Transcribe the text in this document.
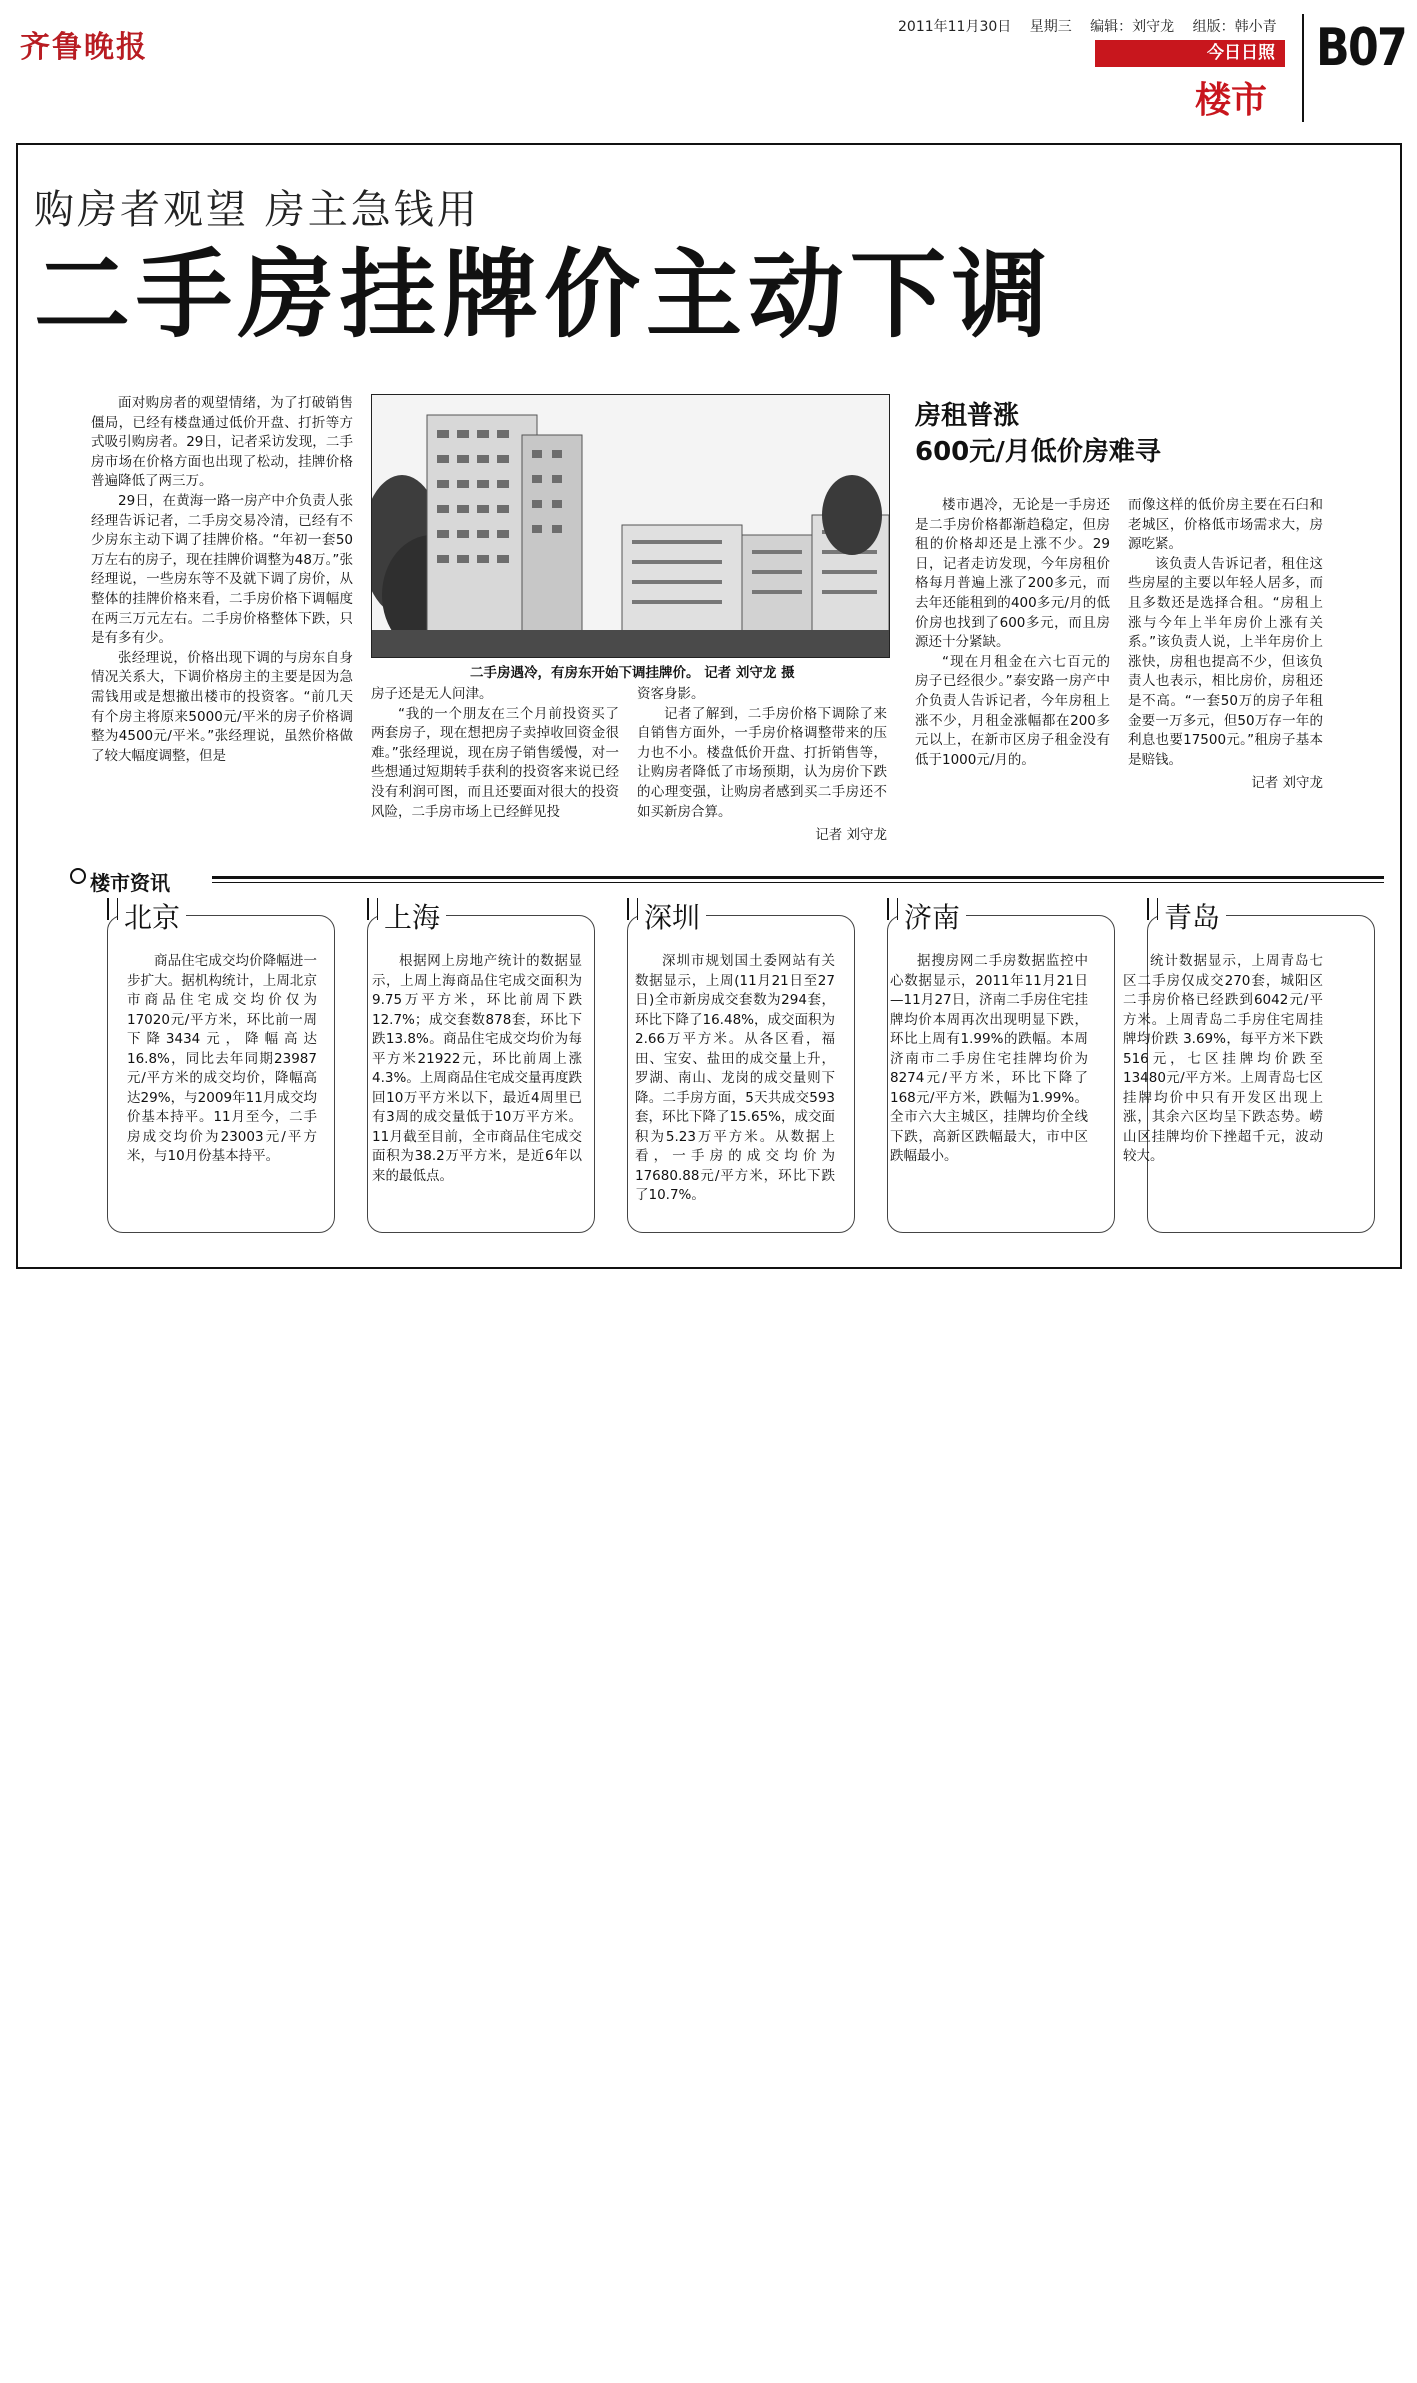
齐鲁晚报
2011年11月30日 星期三 编辑：刘守龙 组版：韩小青
今日日照
楼市
B07
购房者观望 房主急钱用
二手房挂牌价主动下调

面对购房者的观望情绪，为了打破销售僵局，已经有楼盘通过低价开盘、打折等方式吸引购房者。29日，记者采访发现，二手房市场在价格方面也出现了松动，挂牌价格普遍降低了两三万。

29日，在黄海一路一房产中介负责人张经理告诉记者，二手房交易冷清，已经有不少房东主动下调了挂牌价格。“年初一套50万左右的房子，现在挂牌价调整为48万。”张经理说，一些房东等不及就下调了房价，从整体的挂牌价格来看，二手房价格下调幅度在两三万元左右。二手房价格整体下跌，只是有多有少。

张经理说，价格出现下调的与房东自身情况关系大，下调价格房主的主要是因为急需钱用或是想撤出楼市的投资客。“前几天有个房主将原来5000元/平米的房子价格调整为4500元/平米。”张经理说，虽然价格做了较大幅度调整，但是

二手房遇冷，有房东开始下调挂牌价。 记者 刘守龙 摄

房子还是无人问津。

“我的一个朋友在三个月前投资买了两套房子，现在想把房子卖掉收回资金很难。”张经理说，现在房子销售缓慢，对一些想通过短期转手获利的投资客来说已经没有利润可图，而且还要面对很大的投资风险，二手房市场上已经鲜见投

资客身影。

记者了解到，二手房价格下调除了来自销售方面外，一手房价格调整带来的压力也不小。楼盘低价开盘、打折销售等，让购房者降低了市场预期，认为房价下跌的心理变强，让购房者感到买二手房还不如买新房合算。

记者 刘守龙
房租普涨
600元/月低价房难寻

楼市遇冷，无论是一手房还是二手房价格都渐趋稳定，但房租的价格却还是上涨不少。29日，记者走访发现，今年房租价格每月普遍上涨了200多元，而去年还能租到的400多元/月的低价房也找到了600多元，而且房源还十分紧缺。

“现在月租金在六七百元的房子已经很少。”泰安路一房产中介负责人告诉记者，今年房租上涨不少，月租金涨幅都在200多元以上，在新市区房子租金没有低于1000元/月的。

而像这样的低价房主要在石臼和老城区，价格低市场需求大，房源吃紧。

该负责人告诉记者，租住这些房屋的主要以年轻人居多，而且多数还是选择合租。“房租上涨与今年上半年房价上涨有关系。”该负责人说，上半年房价上涨快，房租也提高不少，但该负责人也表示，相比房价，房租还是不高。“一套50万的房子年租金要一万多元，但50万存一年的利息也要17500元。”租房子基本是赔钱。

记者 刘守龙
楼市资讯
北京

商品住宅成交均价降幅进一步扩大。据机构统计，上周北京市商品住宅成交均价仅为17020元/平方米，环比前一周下降3434元，降幅高达16.8%，同比去年同期23987元/平方米的成交均价，降幅高达29%，与2009年11月成交均价基本持平。11月至今，二手房成交均价为23003元/平方米，与10月份基本持平。

上海

根据网上房地产统计的数据显示，上周上海商品住宅成交面积为9.75万平方米，环比前周下跌12.7%；成交套数878套，环比下跌13.8%。商品住宅成交均价为每平方米21922元，环比前周上涨4.3%。上周商品住宅成交量再度跌回10万平方米以下，最近4周里已有3周的成交量低于10万平方米。11月截至目前，全市商品住宅成交面积为38.2万平方米，是近6年以来的最低点。

深圳

深圳市规划国土委网站有关数据显示，上周(11月21日至27日)全市新房成交套数为294套，环比下降了16.48%，成交面积为2.66万平方米。从各区看，福田、宝安、盐田的成交量上升，罗湖、南山、龙岗的成交量则下降。二手房方面，5天共成交593套，环比下降了15.65%，成交面积为5.23万平方米。从数据上看，一手房的成交均价为17680.88元/平方米，环比下跌了10.7%。

济南

据搜房网二手房数据监控中心数据显示，2011年11月21日—11月27日，济南二手房住宅挂牌均价本周再次出现明显下跌，环比上周有1.99%的跌幅。本周济南市二手房住宅挂牌均价为8274元/平方米，环比下降了168元/平方米，跌幅为1.99%。全市六大主城区，挂牌均价全线下跌，高新区跌幅最大，市中区跌幅最小。

青岛

统计数据显示，上周青岛七区二手房仅成交270套，城阳区二手房价格已经跌到6042元/平方米。上周青岛二手房住宅周挂牌均价跌 3.69%，每平方米下跌516元，七区挂牌均价跌至13480元/平方米。上周青岛七区挂牌均价中只有开发区出现上涨，其余六区均呈下跌态势。崂山区挂牌均价下挫超千元，波动较大。
